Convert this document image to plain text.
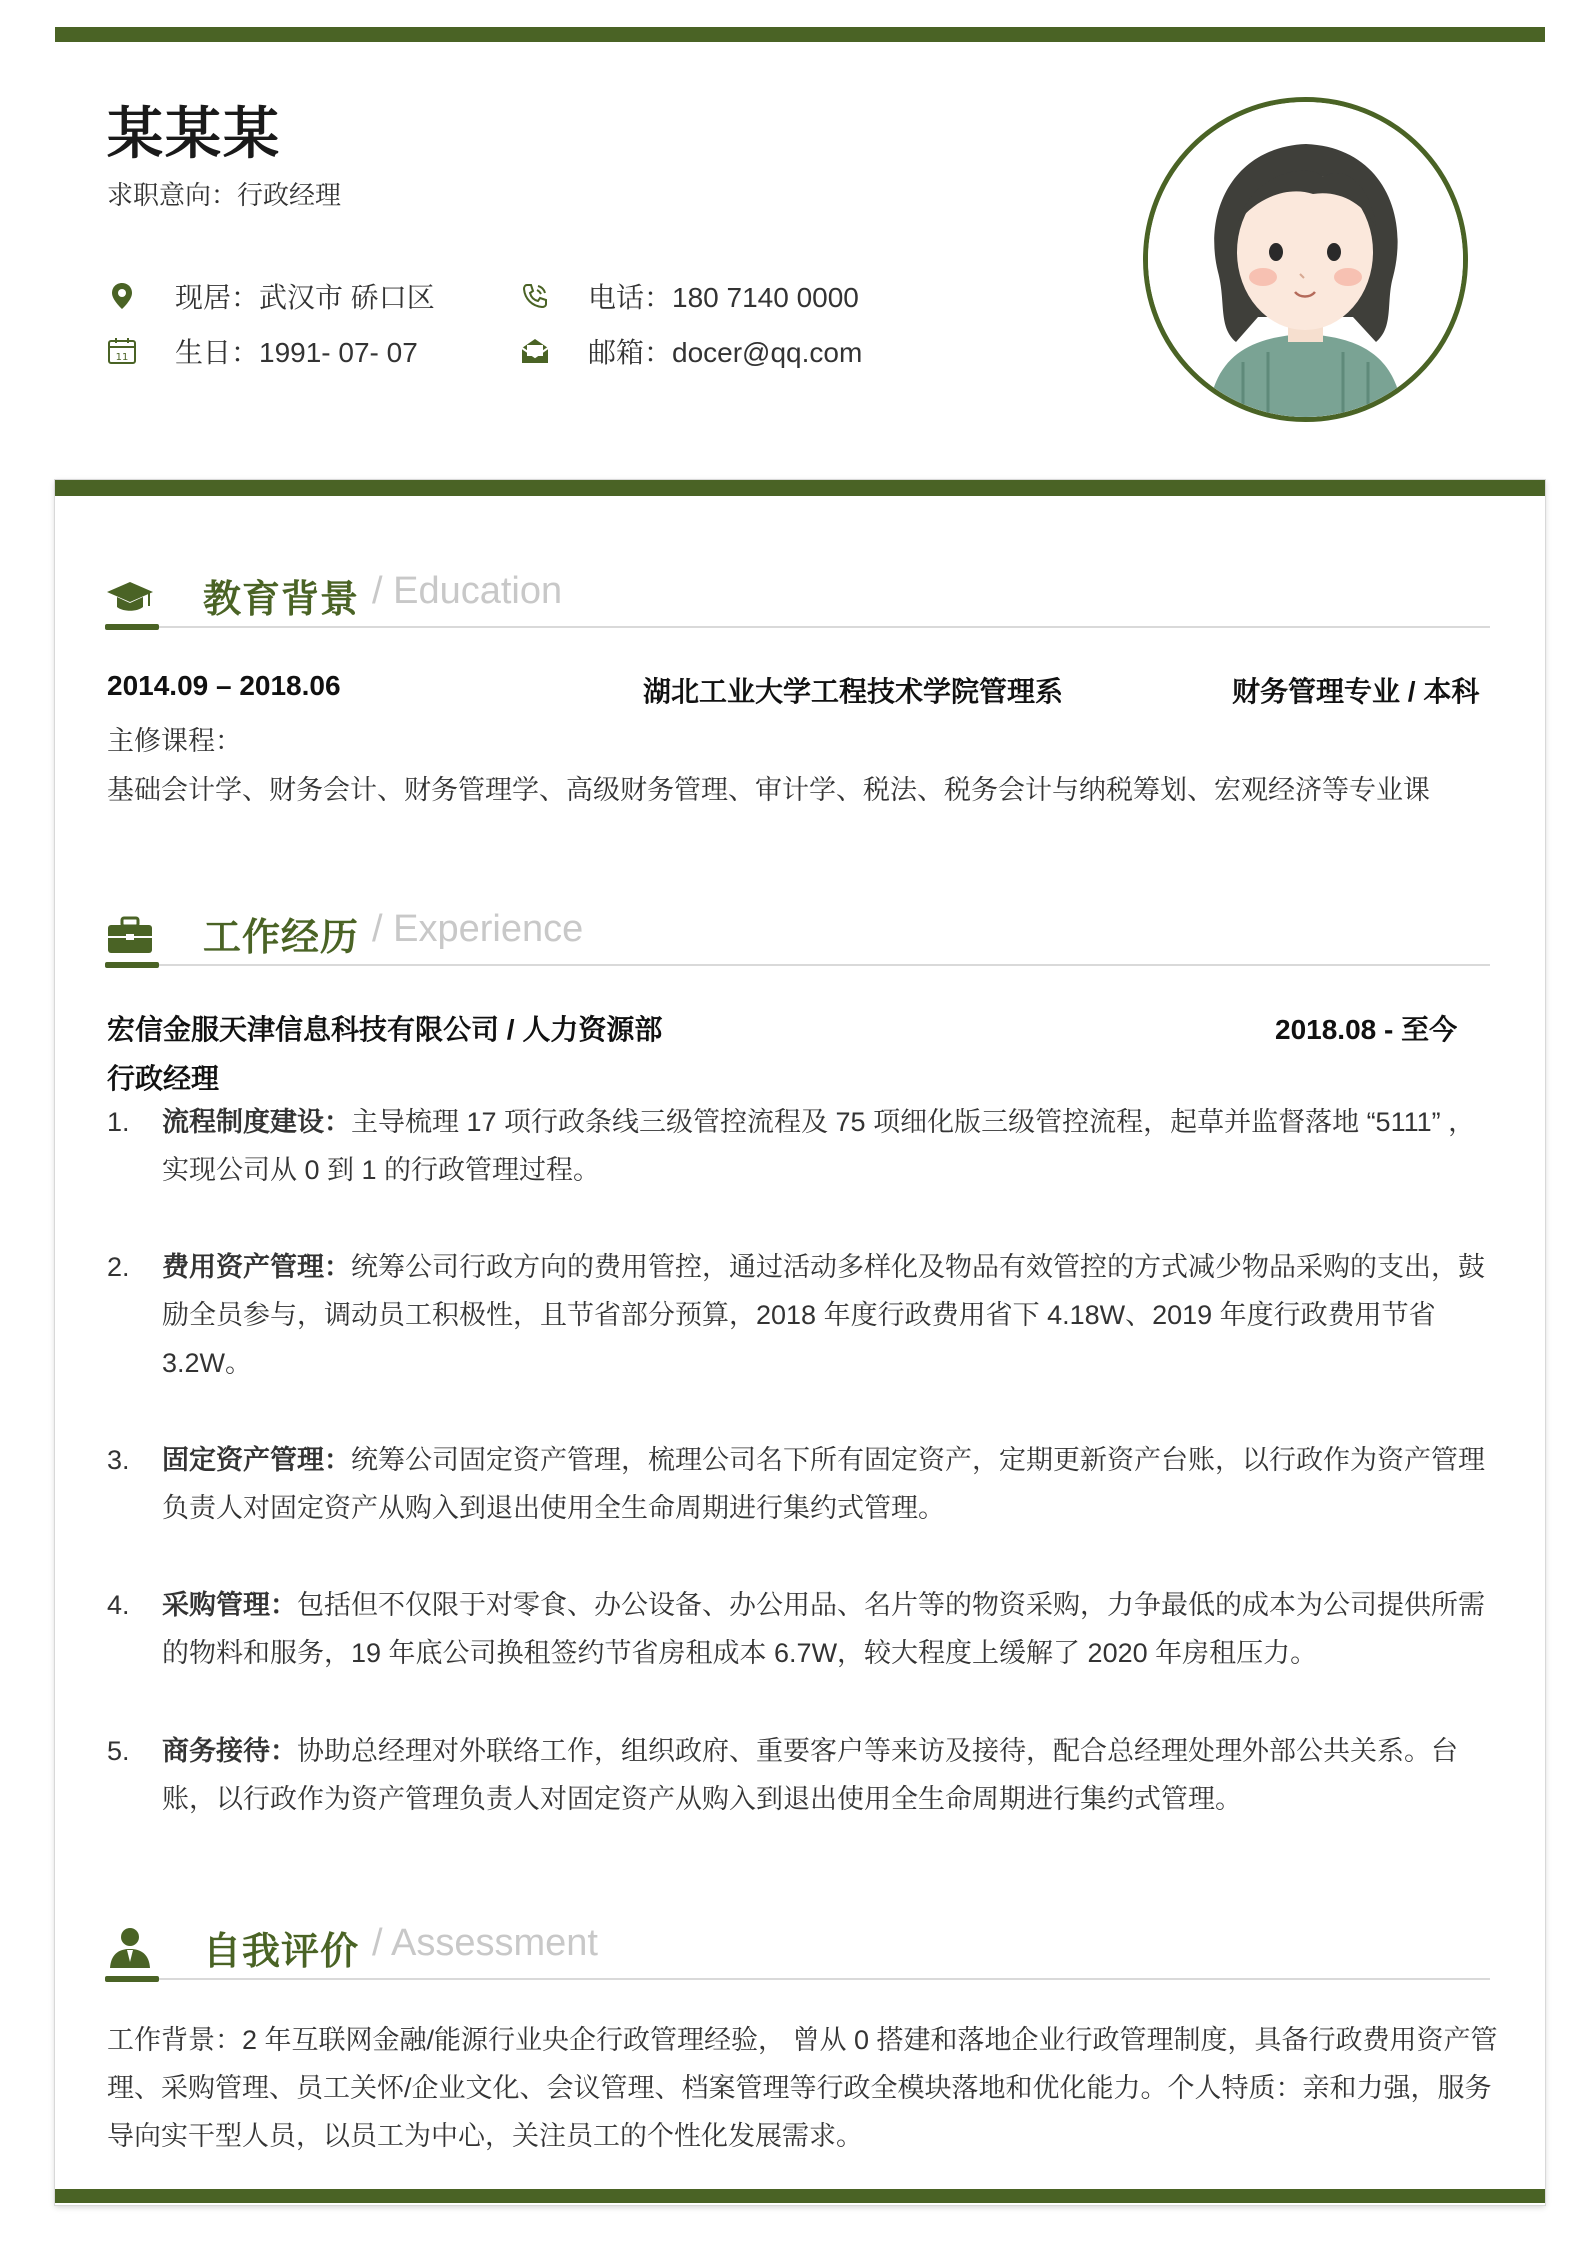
某某某
求职意向：行政经理
现居：武汉市 硚口区
11 生日：1991- 07- 07
电话：180 7140 0000
邮箱：docer@qq.com
教育背景 / Education
2014.09 – 2018.06	湖北工业大学工程技术学院管理系	财务管理专业 / 本科
主修课程：
基础会计学、财务会计、财务管理学、高级财务管理、审计学、税法、税务会计与纳税筹划、宏观经济等专业课
工作经历 / Experience
宏信金服天津信息科技有限公司 / 人力资源部	2018.08 - 至今
行政经理
1. 流程制度建设：主导梳理 17 项行政条线三级管控流程及 75 项细化版三级管控流程，起草并监督落地 “5111” ，实现公司从 0 到 1 的行政管理过程。
2. 费用资产管理：统筹公司行政方向的费用管控，通过活动多样化及物品有效管控的方式减少物品采购的支出，鼓励全员参与，调动员工积极性，且节省部分预算，2018 年度行政费用省下 4.18W、2019 年度行政费用节省 3.2W。
3. 固定资产管理：统筹公司固定资产管理，梳理公司名下所有固定资产，定期更新资产台账，以行政作为资产管理负责人对固定资产从购入到退出使用全生命周期进行集约式管理。
4. 采购管理：包括但不仅限于对零食、办公设备、办公用品、名片等的物资采购，力争最低的成本为公司提供所需的物料和服务，19 年底公司换租签约节省房租成本 6.7W，较大程度上缓解了 2020 年房租压力。
5. 商务接待：协助总经理对外联络工作，组织政府、重要客户等来访及接待，配合总经理处理外部公共关系。台账，以行政作为资产管理负责人对固定资产从购入到退出使用全生命周期进行集约式管理。
自我评价 / Assessment
工作背景：2 年互联网金融/能源行业央企行政管理经验， 曾从 0 搭建和落地企业行政管理制度，具备行政费用资产管理、采购管理、员工关怀/企业文化、会议管理、档案管理等行政全模块落地和优化能力。个人特质：亲和力强，服务导向实干型人员，以员工为中心，关注员工的个性化发展需求。
